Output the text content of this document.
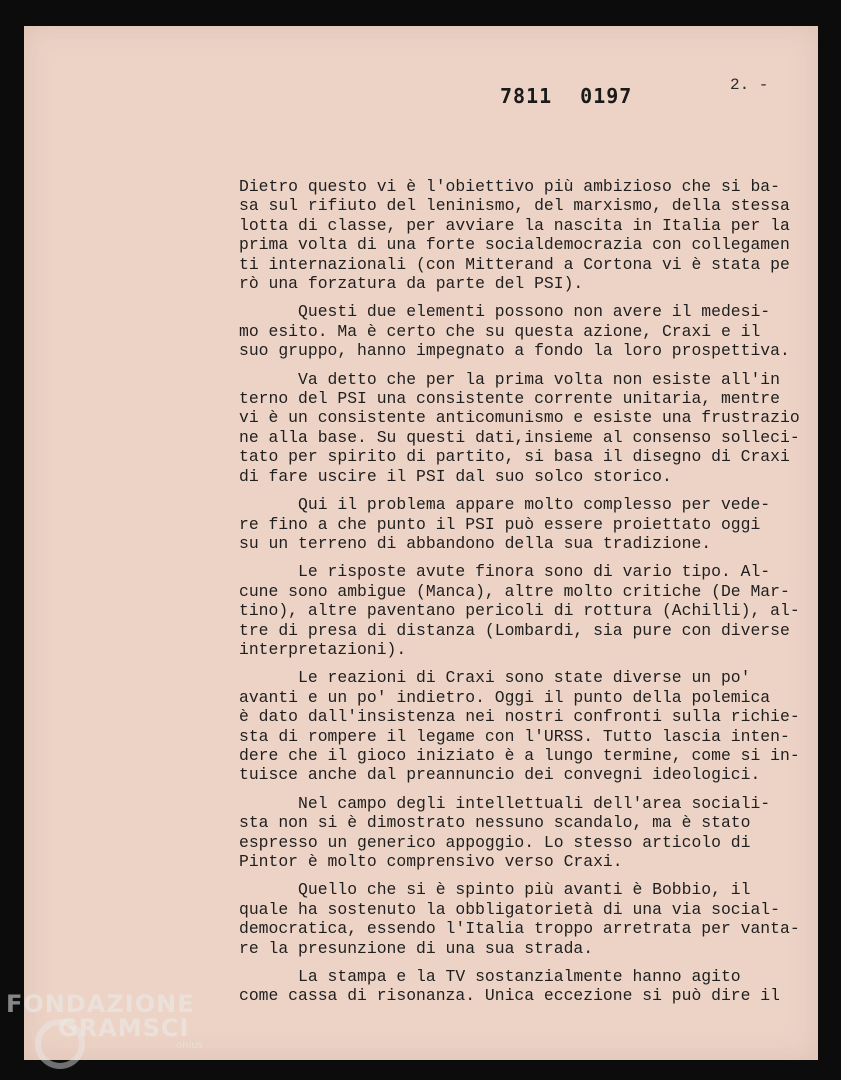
7811 0197	2. -
Dietro questo vi è l'obiettivo più ambizioso che si ba-
sa sul rifiuto del leninismo, del marxismo, della stessa
lotta di classe, per avviare la nascita in Italia per la
prima volta di una forte socialdemocrazia con collegamen
ti internazionali (con Mitterand a Cortona vi è stata pe
rò una forzatura da parte del PSI).
Questi due elementi possono non avere il medesi-
mo esito. Ma è certo che su questa azione, Craxi e il
suo gruppo, hanno impegnato a fondo la loro prospettiva.
Va detto che per la prima volta non esiste all'in
terno del PSI una consistente corrente unitaria, mentre
vi è un consistente anticomunismo e esiste una frustrazio
ne alla base. Su questi dati,insieme al consenso solleci-
tato per spirito di partito, si basa il disegno di Craxi
di fare uscire il PSI dal suo solco storico.
Qui il problema appare molto complesso per vede-
re fino a che punto il PSI può essere proiettato oggi
su un terreno di abbandono della sua tradizione.
Le risposte avute finora sono di vario tipo. Al-
cune sono ambigue (Manca), altre molto critiche (De Mar-
tino), altre paventano pericoli di rottura (Achilli), al-
tre di presa di distanza (Lombardi, sia pure con diverse
interpretazioni).
Le reazioni di Craxi sono state diverse un po'
avanti e un po' indietro. Oggi il punto della polemica
è dato dall'insistenza nei nostri confronti sulla richie-
sta di rompere il legame con l'URSS. Tutto lascia inten-
dere che il gioco iniziato è a lungo termine, come si in-
tuisce anche dal preannuncio dei convegni ideologici.
Nel campo degli intellettuali dell'area sociali-
sta non si è dimostrato nessuno scandalo, ma è stato
espresso un generico appoggio. Lo stesso articolo di
Pintor è molto comprensivo verso Craxi.
Quello che si è spinto più avanti è Bobbio, il
quale ha sostenuto la obbligatorietà di una via social-
democratica, essendo l'Italia troppo arretrata per vanta-
re la presunzione di una sua strada.
La stampa e la TV sostanzialmente hanno agito
come cassa di risonanza. Unica eccezione si può dire il
FONDAZIONE
GRAMSCI
onlus
